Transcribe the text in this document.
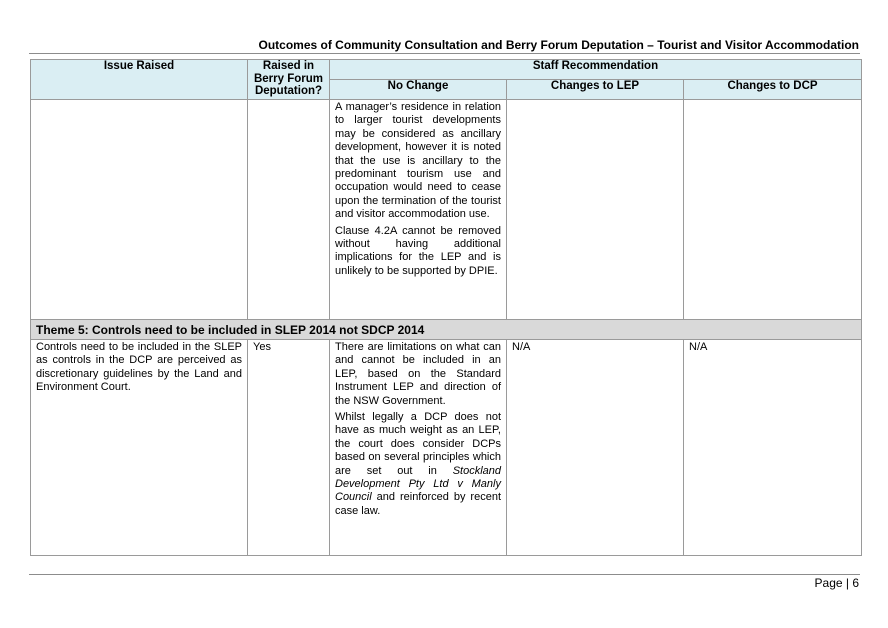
Outcomes of Community Consultation and Berry Forum Deputation – Tourist and Visitor Accommodation
Issue Raised	Raised in Berry Forum Deputation?	Staff Recommendation		
		No Change	Changes to LEP	Changes to DCP

		A manager’s residence in relation to larger tourist developments may be considered as ancillary development, however it is noted that the use is ancillary to the predominant tourism use and occupation would need to cease upon the termination of the tourist and visitor accommodation use.

Clause 4.2A cannot be removed without having additional implications for the LEP and is unlikely to be supported by DPIE.		

Theme 5: Controls need to be included in SLEP 2014 not SDCP 2014				

Controls need to be included in the SLEP as controls in the DCP are perceived as discretionary guidelines by the Land and Environment Court.	Yes	There are limitations on what can and cannot be included in an LEP, based on the Standard Instrument LEP and direction of the NSW Government.

Whilst legally a DCP does not have as much weight as an LEP, the court does consider DCPs based on several principles which are set out in Stockland Development Pty Ltd v Manly Council and reinforced by recent case law.	N/A	N/A
Page | 6
